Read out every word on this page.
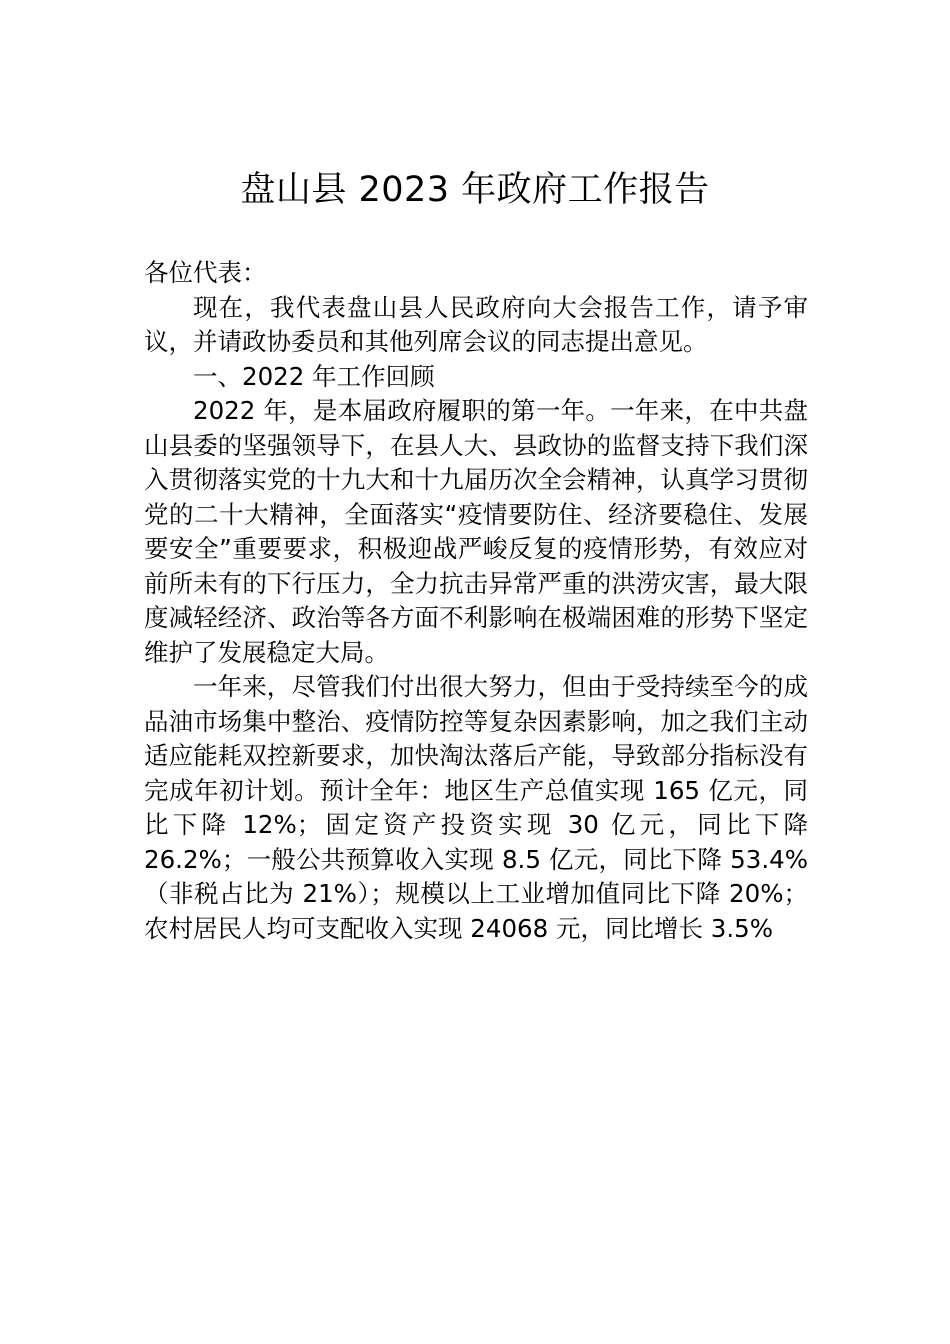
盘山县 2023 年政府工作报告

各位代表：

现在，我代表盘山县人民政府向大会报告工作，请予审议，并请政协委员和其他列席会议的同志提出意见。

一、2022 年工作回顾

2022 年，是本届政府履职的第一年。一年来，在中共盘山县委的坚强领导下，在县人大、县政协的监督支持下我们深入贯彻落实党的十九大和十九届历次全会精神，认真学习贯彻党的二十大精神，全面落实“疫情要防住、经济要稳住、发展要安全”重要要求，积极迎战严峻反复的疫情形势，有效应对前所未有的下行压力，全力抗击异常严重的洪涝灾害，最大限度减轻经济、政治等各方面不利影响在极端困难的形势下坚定维护了发展稳定大局。

一年来，尽管我们付出很大努力，但由于受持续至今的成品油市场集中整治、疫情防控等复杂因素影响，加之我们主动适应能耗双控新要求，加快淘汰落后产能，导致部分指标没有完成年初计划。预计全年：地区生产总值实现 165 亿元，同比下降 12%；固定资产投资实现 30 亿元，同比下降 26.2%；一般公共预算收入实现 8.5 亿元，同比下降 53.4%（非税占比为 21%）；规模以上工业增加值同比下降 20%；农村居民人均可支配收入实现 24068 元，同比增长 3.5%
